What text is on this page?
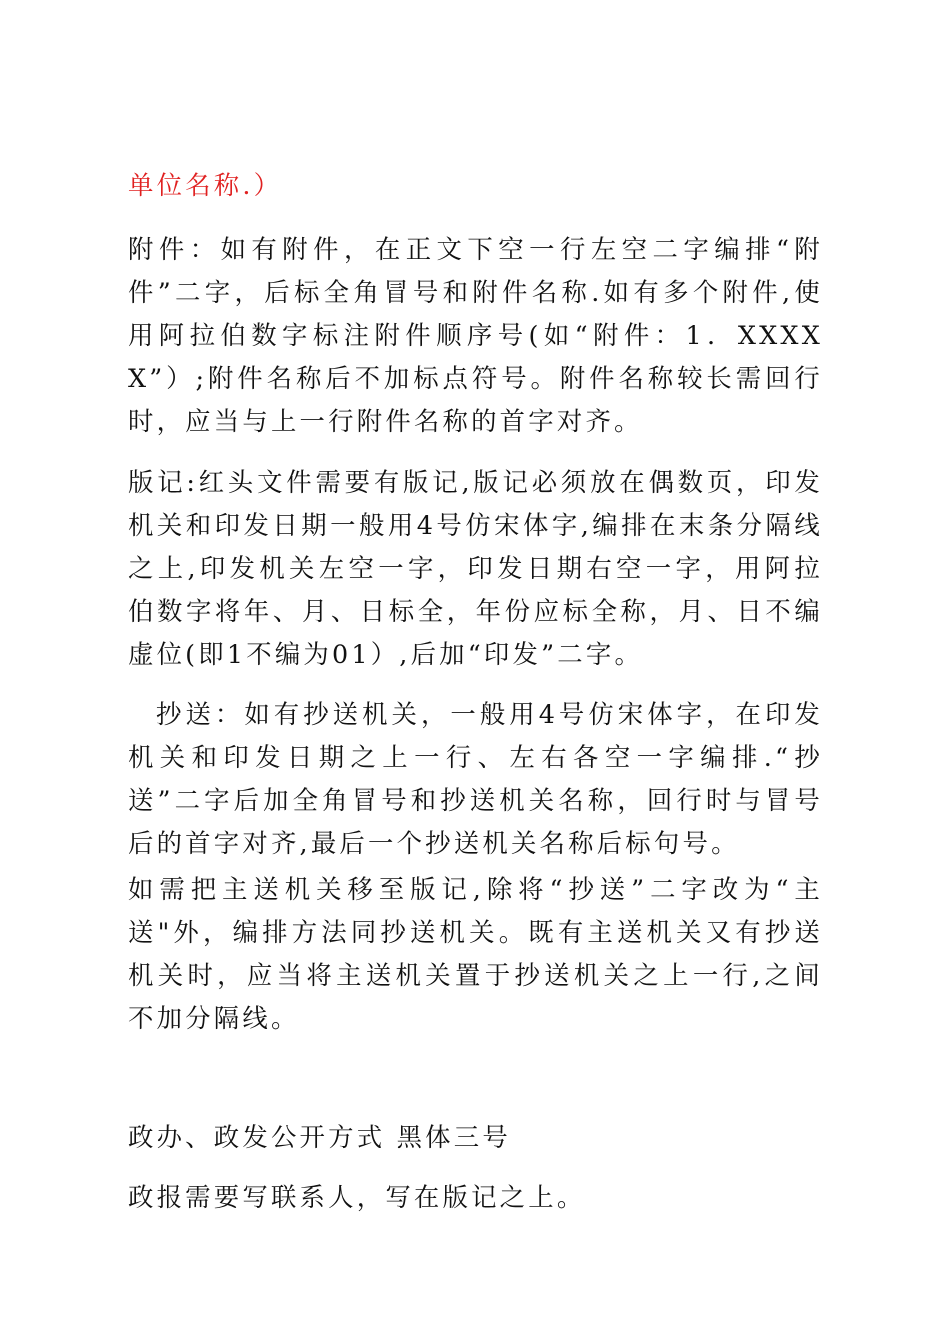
单位名称.）

附件：如有附件，在正文下空一行左空二字编排“附件”二字，后标全角冒号和附件名称.如有多个附件,使用阿拉伯数字标注附件顺序号(如“附件：1．XXXXX”）;附件名称后不加标点符号。附件名称较长需回行时，应当与上一行附件名称的首字对齐。

版记:红头文件需要有版记,版记必须放在偶数页，印发机关和印发日期一般用4号仿宋体字,编排在末条分隔线之上,印发机关左空一字，印发日期右空一字，用阿拉伯数字将年、月、日标全，年份应标全称，月、日不编虚位(即1不编为01）,后加“印发”二字。

抄送：如有抄送机关，一般用4号仿宋体字，在印发机关和印发日期之上一行、左右各空一字编排.“抄送”二字后加全角冒号和抄送机关名称，回行时与冒号后的首字对齐,最后一个抄送机关名称后标句号。

如需把主送机关移至版记,除将“抄送”二字改为“主送"外，编排方法同抄送机关。既有主送机关又有抄送机关时，应当将主送机关置于抄送机关之上一行,之间不加分隔线。

政办、政发公开方式 黑体三号

政报需要写联系人，写在版记之上。
